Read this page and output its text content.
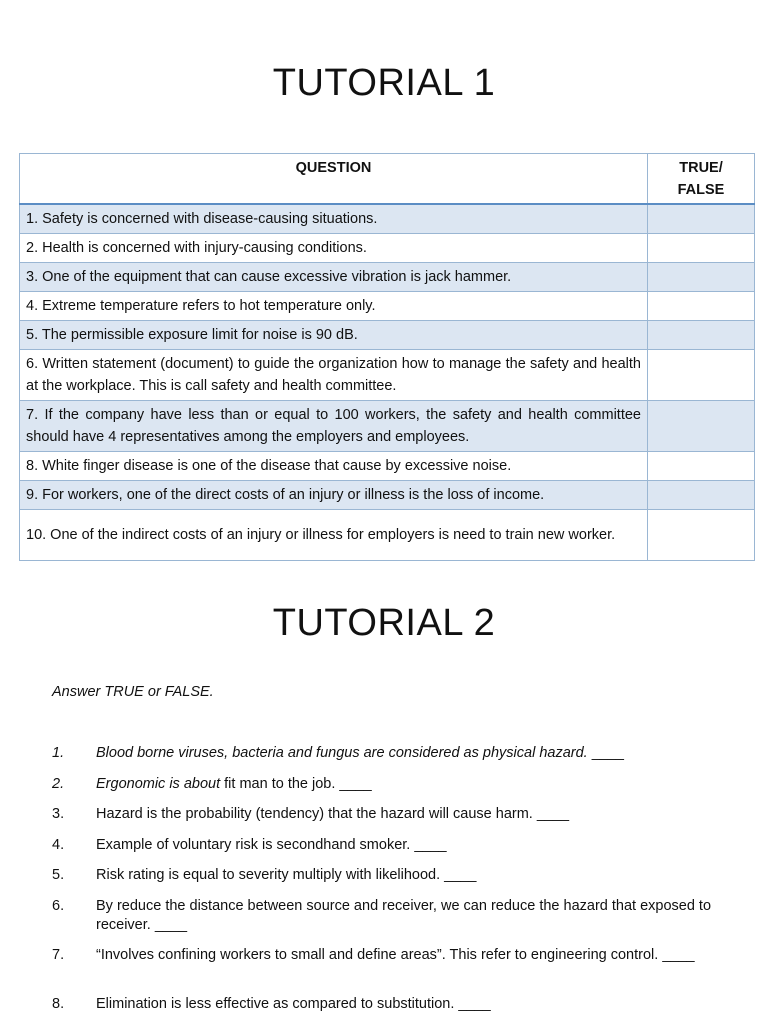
TUTORIAL 1
QUESTION	TRUE/ FALSE

1. Safety is concerned with disease-causing situations.	
2. Health is concerned with injury-causing conditions.	
3. One of the equipment that can cause excessive vibration is jack hammer.	
4. Extreme temperature refers to hot temperature only.	
5. The permissible exposure limit for noise is 90 dB.	
6. Written statement (document) to guide the organization how to manage the safety and health at the workplace. This is call safety and health committee.	
7. If the company have less than or equal to 100 workers, the safety and health committee should have 4 representatives among the employers and employees.	
8. White finger disease is one of the disease that cause by excessive noise.	
9. For workers, one of the direct costs of an injury or illness is the loss of income.	
10. One of the indirect costs of an injury or illness for employers is need to train new worker.	
TUTORIAL 2
Answer TRUE or FALSE.
1.	Blood borne viruses, bacteria and fungus are considered as physical hazard. ____
2.	Ergonomic is about fit man to the job. ____
3.	Hazard is the probability (tendency) that the hazard will cause harm. ____
4.	Example of voluntary risk is secondhand smoker. ____
5.	Risk rating is equal to severity multiply with likelihood. ____
6.	By reduce the distance between source and receiver, we can reduce the hazard that exposed to receiver. ____
7.	“Involves confining workers to small and define areas”. This refer to engineering control. ____
8.	Elimination is less effective as compared to substitution. ____
